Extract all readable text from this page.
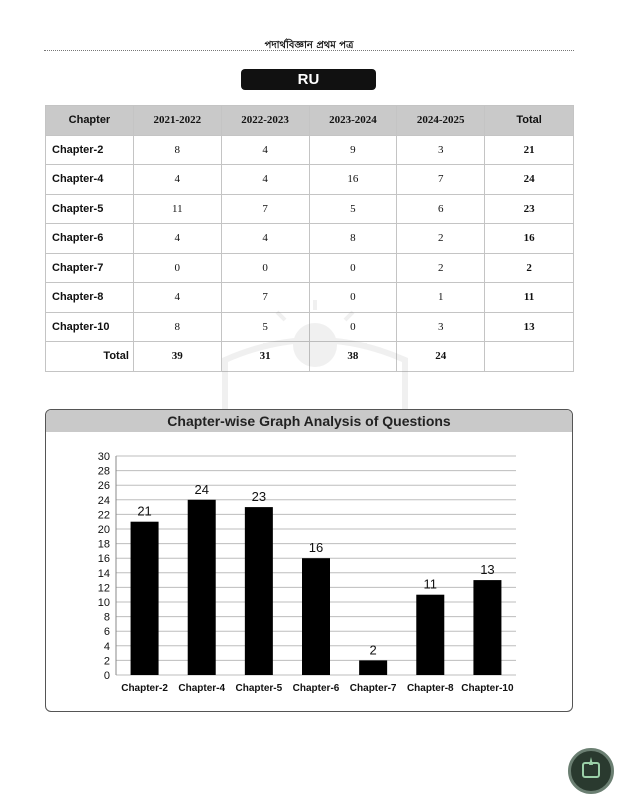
পদার্থবিজ্ঞান প্রথম পত্র
RU
Chapter	2021-2022	2022-2023	2023-2024	2024-2025	Total
Chapter-2	8	4	9	3	21
Chapter-4	4	4	16	7	24
Chapter-5	11	7	5	6	23
Chapter-6	4	4	8	2	16
Chapter-7	0	0	0	2	2
Chapter-8	4	7	0	1	11
Chapter-10	8	5	0	3	13
Total	39	31	38	24	
Chapter-wise Graph Analysis of Questions
0
2
4
6
8
10
12
14
16
18
20
22
24
26
28
30
21
Chapter-2
24
Chapter-4
23
Chapter-5
16
Chapter-6
2
Chapter-7
11
Chapter-8
13
Chapter-10
